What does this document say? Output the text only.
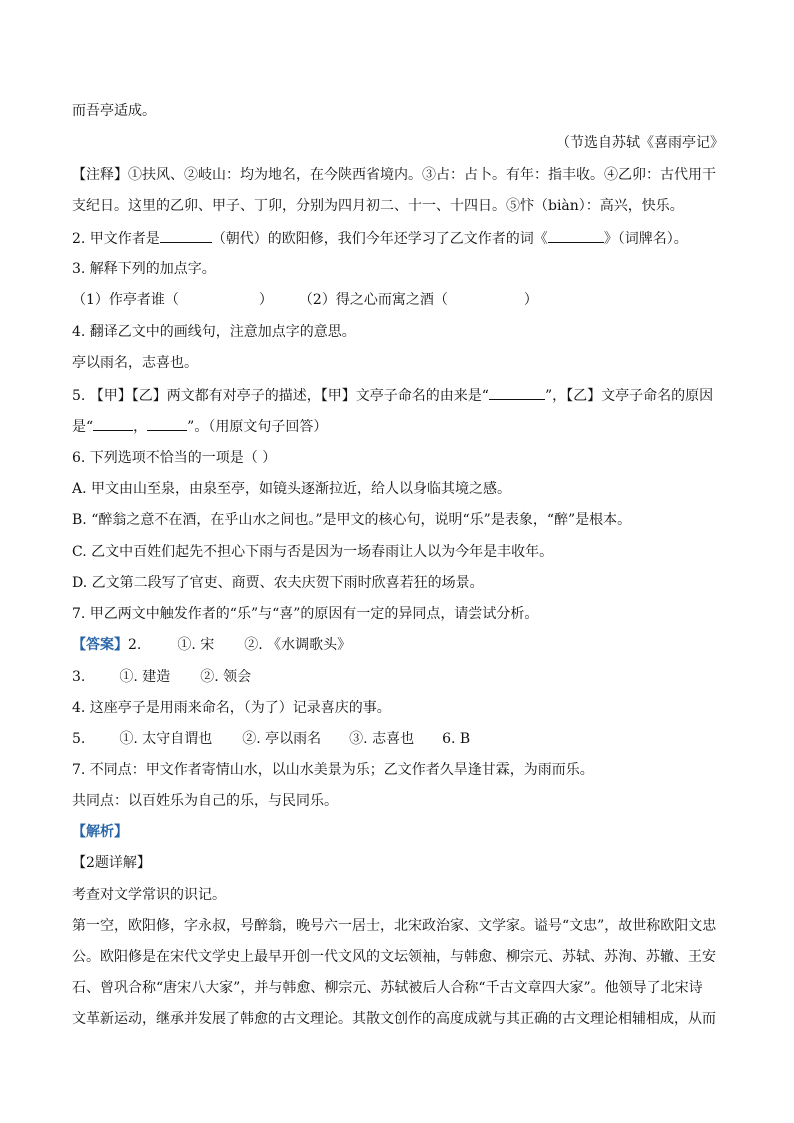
而吾亭适成。
（节选自苏轼《喜雨亭记》
【注释】①扶风、②岐山：均为地名，在今陕西省境内。③占：占卜。有年：指丰收。④乙卯：古代用干
支纪日。这里的乙卯、甲子、丁卯，分别为四月初二、十一、十四日。⑤忭（biàn）：高兴，快乐。
2. 甲文作者是	（朝代）的欧阳修，我们今年还学习了乙文作者的词《	》（词牌名）。
3. 解释下列的加点字。
（1）作亭者谁（	） （2）得之心而寓之酒（	）
4. 翻译乙文中的画线句，注意加点字的意思。
亭以雨名，志喜也。
5. 【甲】【乙】两文都有对亭子的描述，【甲】文亭子命名的由来是“	”，【乙】文亭子命名的原因
是“	，	”。（用原文句子回答）
6. 下列选项不恰当的一项是（ ）
A. 甲文由山至泉，由泉至亭，如镜头逐渐拉近，给人以身临其境之感。
B. “醉翁之意不在酒，在乎山水之间也。”是甲文的核心句，说明“乐”是表象，“醉”是根本。
C. 乙文中百姓们起先不担心下雨与否是因为一场春雨让人以为今年是丰收年。
D. 乙文第二段写了官吏、商贾、农夫庆贺下雨时欣喜若狂的场景。
7. 甲乙两文中触发作者的“乐”与“喜”的原因有一定的异同点，请尝试分析。
【答案】2.	①. 宋 ②. 《水调歌头》
3. ①. 建造 ②. 领会
4. 这座亭子是用雨来命名，（为了）记录喜庆的事。
5. ①. 太守自谓也 ②. 亭以雨名 ③. 志喜也 6. B
7. 不同点：甲文作者寄情山水，以山水美景为乐；乙文作者久旱逢甘霖，为雨而乐。
共同点：以百姓乐为自己的乐，与民同乐。
【解析】
【2题详解】
考查对文学常识的识记。
第一空，欧阳修，字永叔，号醉翁，晚号六一居士，北宋政治家、文学家。谥号“文忠”，故世称欧阳文忠
公。欧阳修是在宋代文学史上最早开创一代文风的文坛领袖，与韩愈、柳宗元、苏轼、苏洵、苏辙、王安
石、曾巩合称“唐宋八大家”，并与韩愈、柳宗元、苏轼被后人合称“千古文章四大家”。他领导了北宋诗
文革新运动，继承并发展了韩愈的古文理论。其散文创作的高度成就与其正确的古文理论相辅相成，从而
